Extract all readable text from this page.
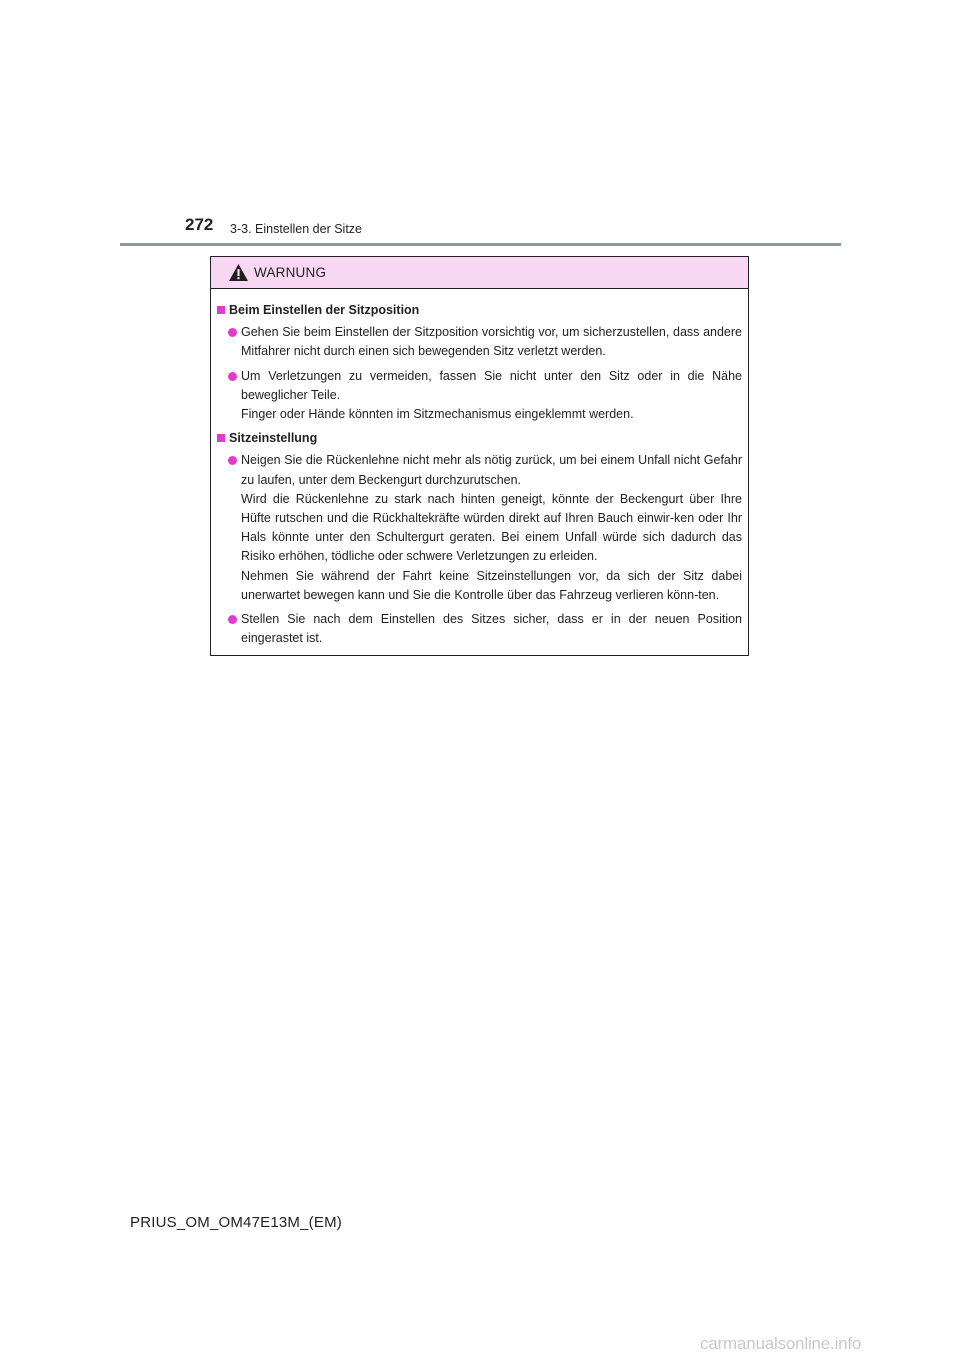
272 3-3. Einstellen der Sitze
WARNUNG
Beim Einstellen der Sitzposition
Gehen Sie beim Einstellen der Sitzposition vorsichtig vor, um sicherzustellen, dass andere Mitfahrer nicht durch einen sich bewegenden Sitz verletzt werden.
Um Verletzungen zu vermeiden, fassen Sie nicht unter den Sitz oder in die Nähe beweglicher Teile.
Finger oder Hände könnten im Sitzmechanismus eingeklemmt werden.
Sitzeinstellung
Neigen Sie die Rückenlehne nicht mehr als nötig zurück, um bei einem Unfall nicht Gefahr zu laufen, unter dem Beckengurt durchzurutschen.
Wird die Rückenlehne zu stark nach hinten geneigt, könnte der Beckengurt über Ihre Hüfte rutschen und die Rückhaltekräfte würden direkt auf Ihren Bauch einwir-ken oder Ihr Hals könnte unter den Schultergurt geraten. Bei einem Unfall würde sich dadurch das Risiko erhöhen, tödliche oder schwere Verletzungen zu erleiden.
Nehmen Sie während der Fahrt keine Sitzeinstellungen vor, da sich der Sitz dabei unerwartet bewegen kann und Sie die Kontrolle über das Fahrzeug verlieren könn-ten.
Stellen Sie nach dem Einstellen des Sitzes sicher, dass er in der neuen Position eingerastet ist.
PRIUS_OM_OM47E13M_(EM)
carmanualsonline.info
